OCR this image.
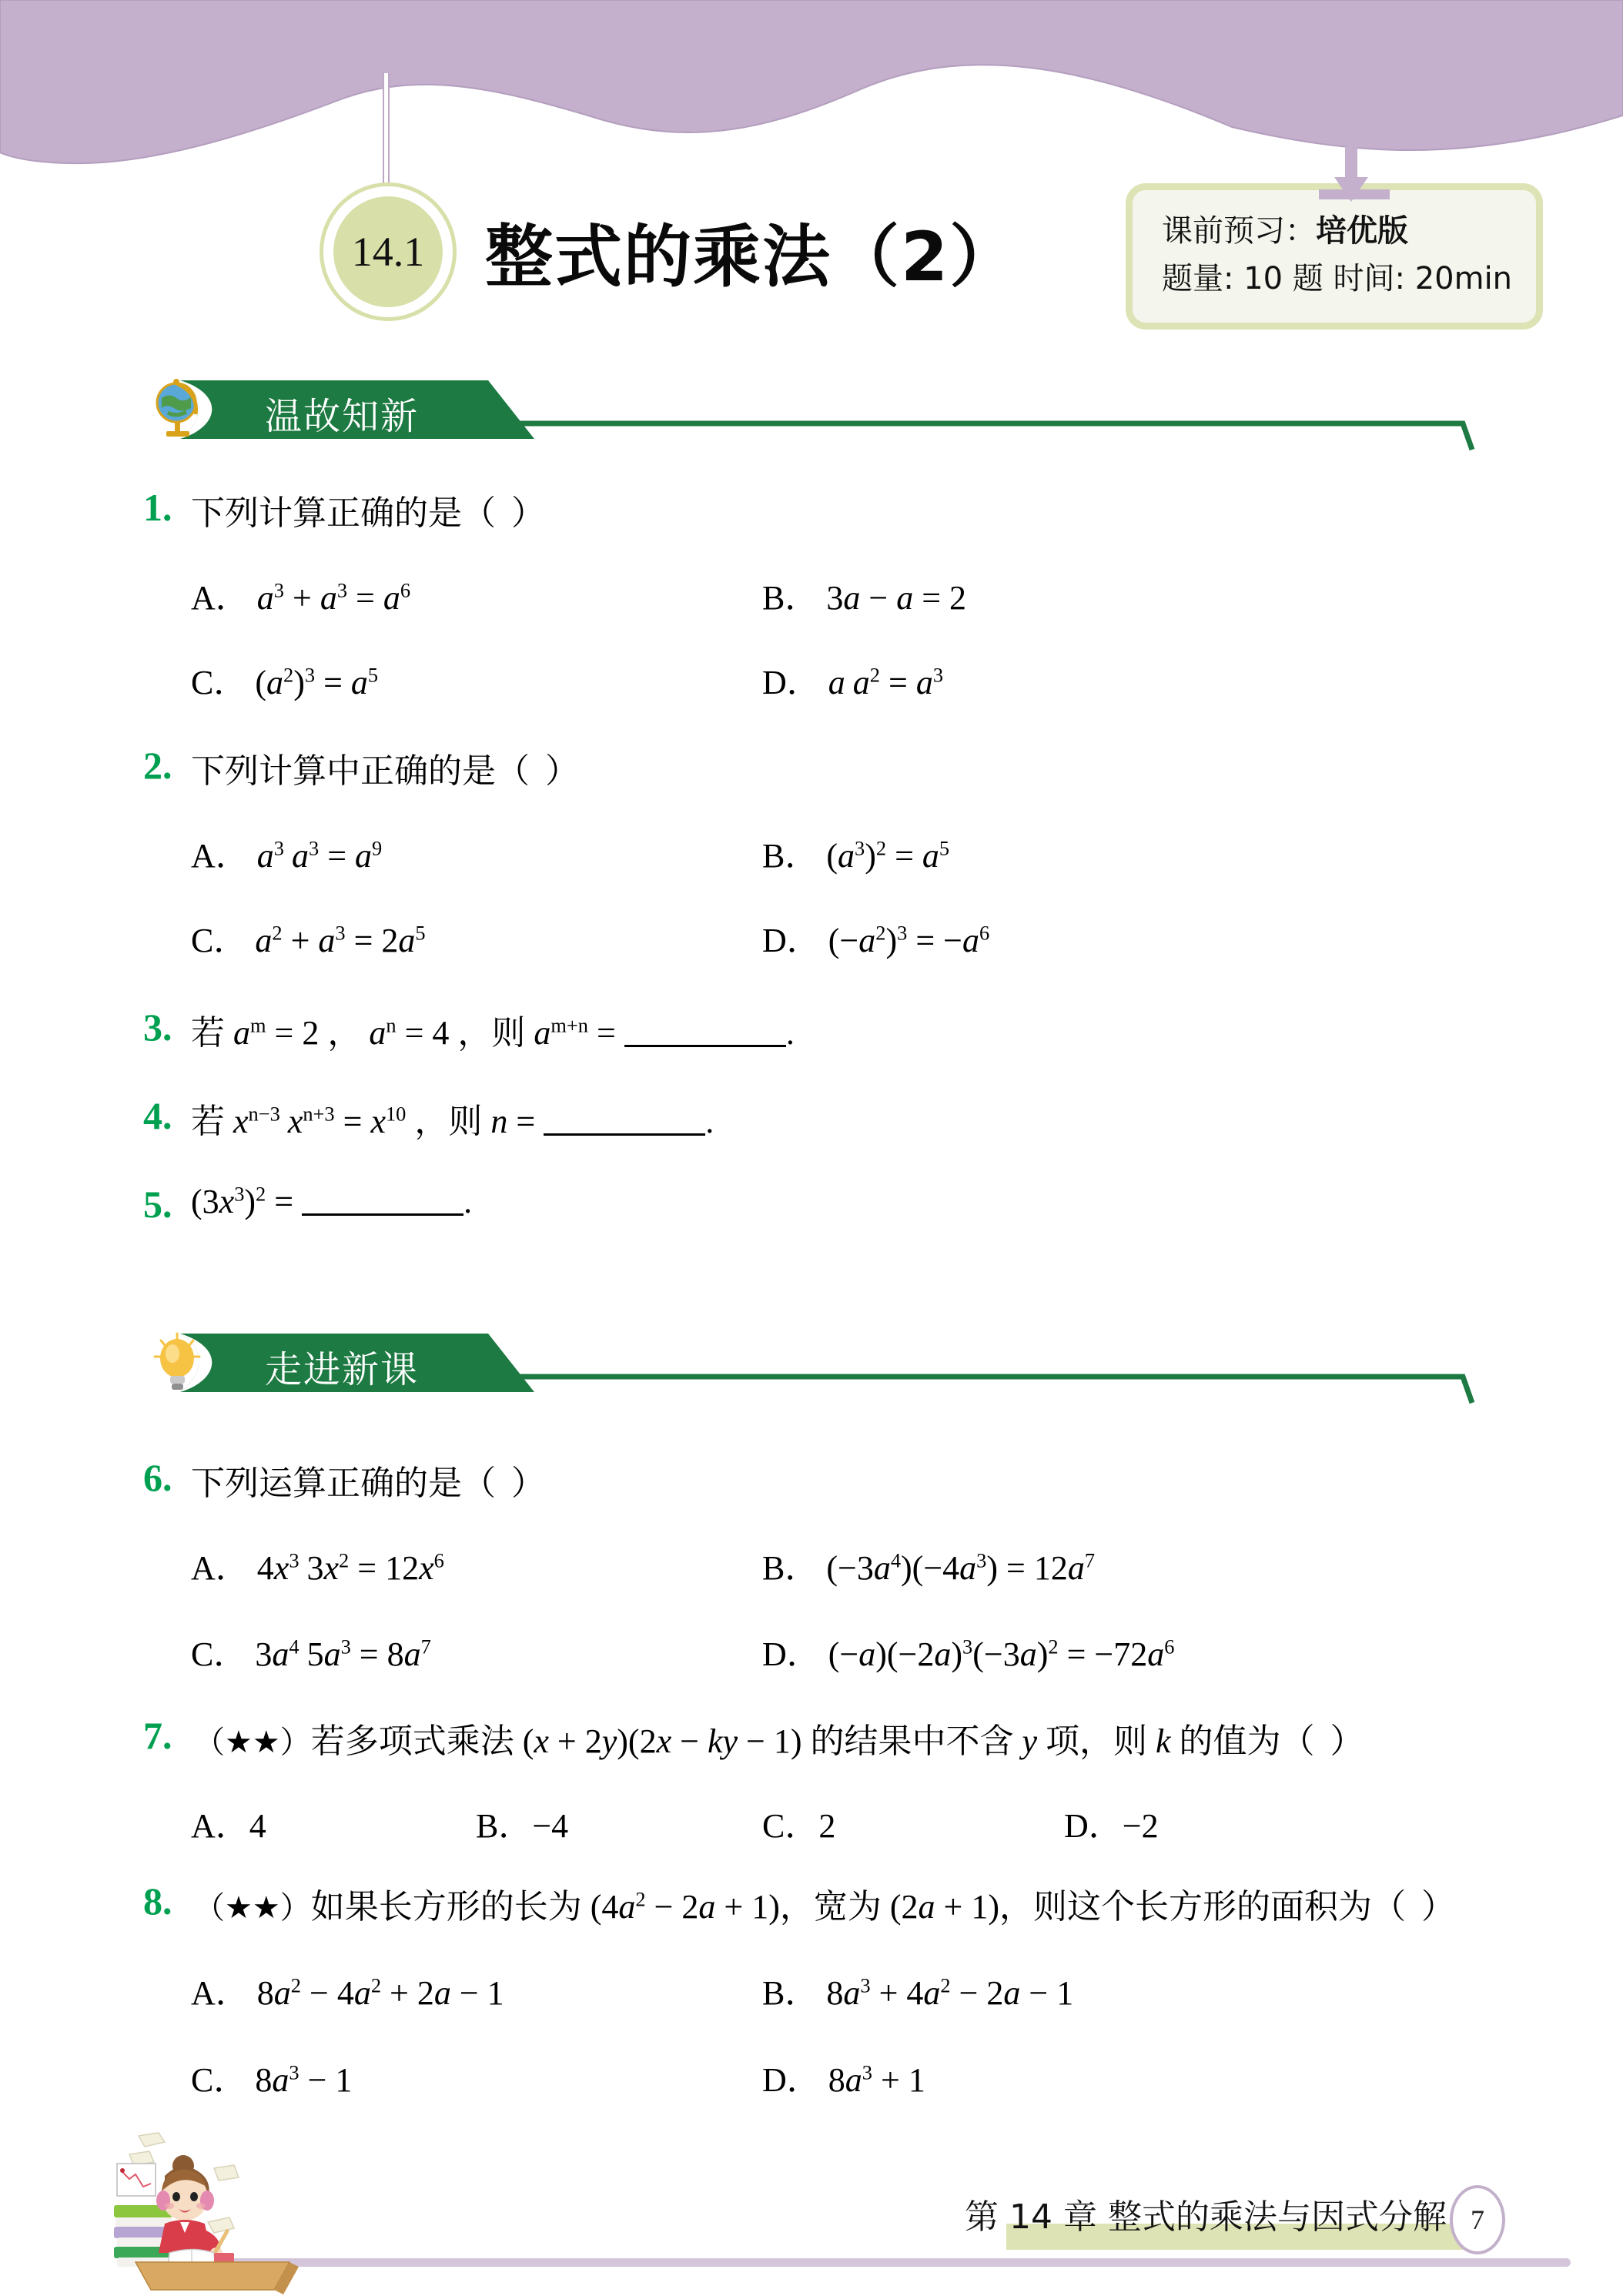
14.1 整式的乘法（2）	课前预习：培优版
题量: 10 题 时间: 20min
温故知新
1. 下列计算正确的是（ ）
A． $a^3 + a^3 = a^6$	B． 3a − a = 2
C． $(a^2)^3 = a^5$	D． a $a^2 = a^3$
2. 下列计算中正确的是（ ）
A． $a^3$ $a^3 = a^9$	B． $(a^3)^2 = a^5$
C． $a^2 + a^3 = 2a^5$	D． $(-a^2)^3 = -a^6$
3. 若 $a^m = 2$ ， $a^n = 4$ ，则 $a^{m+n}$ =	.
4. 若 $x^{n-3}$ $x^{n+3} = x^{10}$ ，则 n =	.
5. $(3x^3)^2$ =	.
走进新课
6. 下列运算正确的是（ ）
A． $4x^3$ $3x^2 = 12x^6$	B． $(-3a^4)(-4a^3) = 12a^7$
C． $3a^4$ $5a^3 = 8a^7$	D． $(-a)(-2a)^3(-3a)^2 = -72a^6$
7. （★★）若多项式乘法 (x + 2y)(2x − ky − 1) 的结果中不含 y 项，则 k 的值为（ ）
A．4	B．−4	C．2	D．−2
8. （★★）如果长方形的长为 $(4a^2 - 2a + 1)$，宽为 (2a + 1)，则这个长方形的面积为（ ）
A． $8a^2 - 4a^2 + 2a - 1$	B． $8a^3 + 4a^2 - 2a - 1$
C． $8a^3 - 1$	D． $8a^3 + 1$
第 14 章 整式的乘法与因式分解 7
